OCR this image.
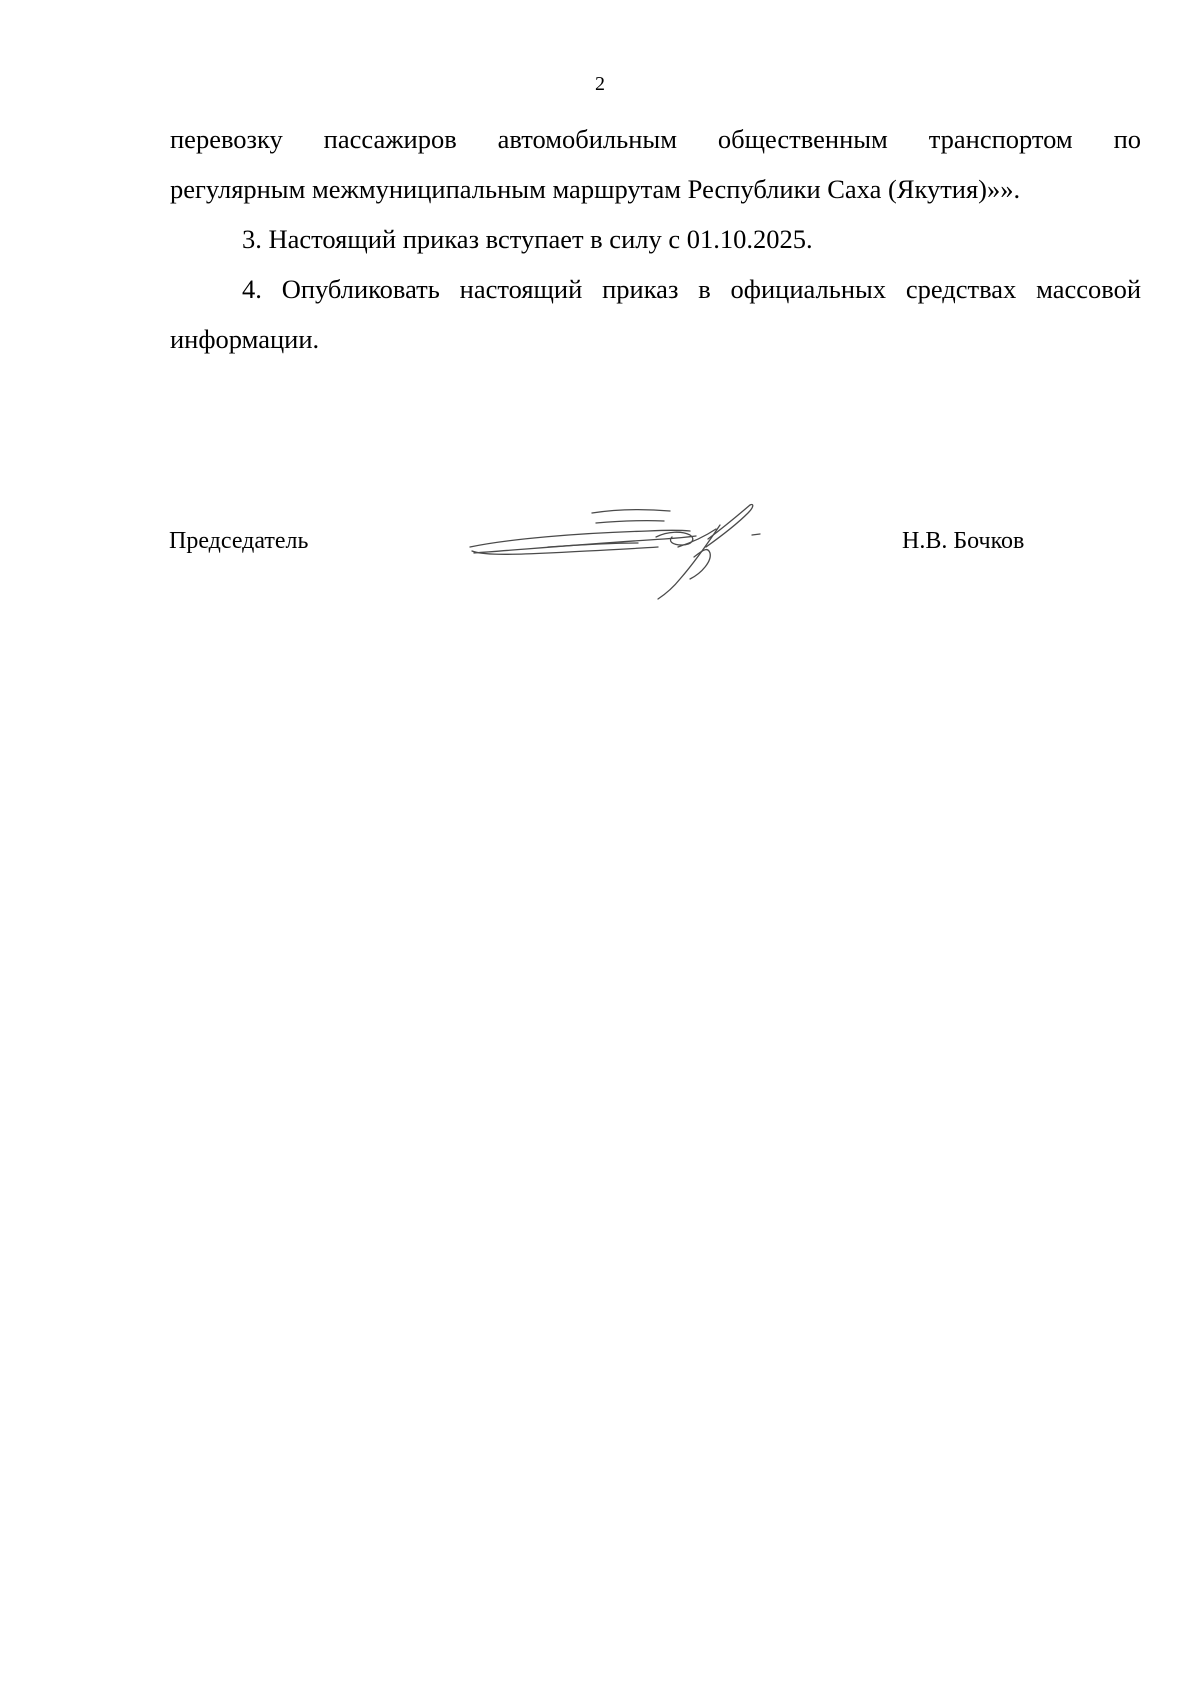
2

перевозку пассажиров автомобильным общественным транспортом по

регулярным межмуниципальным маршрутам Республики Саха (Якутия)»».

3. Настоящий приказ вступает в силу с 01.10.2025.

4. Опубликовать настоящий приказ в официальных средствах массовой информации.

Председатель	Н.В. Бочков
